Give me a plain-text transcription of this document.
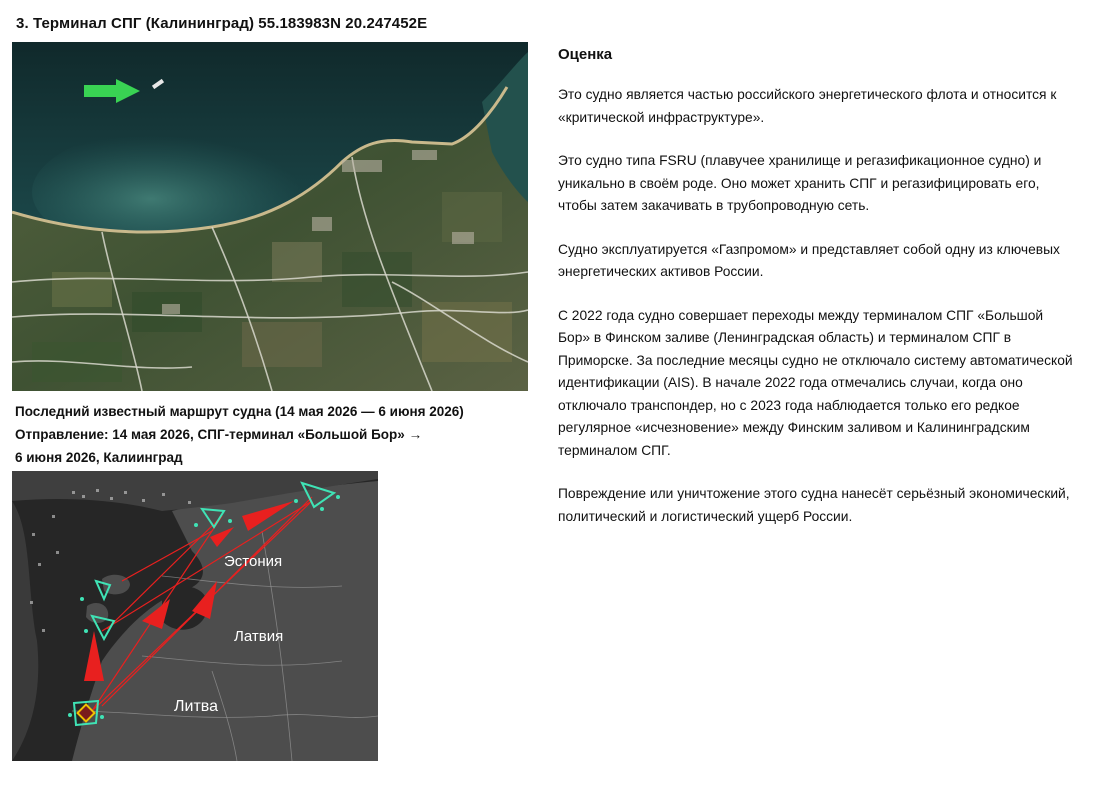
3. Терминал СПГ (Калининград) 55.183983N 20.247452E
Последний известный маршрут судна (14 мая 2026 — 6 июня 2026)
Отправление: 14 мая 2026, СПГ-терминал «Большой Бор» →
6 июня 2026, Калиинград
Эстония
Латвия
Литва
Оценка

Это судно является частью российского энергетического флота и относится к «критической инфраструктуре».

Это судно типа FSRU (плавучее хранилище и регазификационное судно) и уникально в своём роде. Оно может хранить СПГ и регазифицировать его, чтобы затем закачивать в трубопроводную сеть.

Судно эксплуатируется «Газпромом» и представляет собой одну из ключевых энергетических активов России.

С 2022 года судно совершает переходы между терминалом СПГ «Большой Бор» в Финском заливе (Ленинградская область) и терминалом СПГ в Приморске. За последние месяцы судно не отключало систему автоматической идентификации (AIS). В начале 2022 года отмечались случаи, когда оно отключало транспондер, но с 2023 года наблюдается только его редкое регулярное «исчезновение» между Финским заливом и Калининградским терминалом СПГ.

Повреждение или уничтожение этого судна нанесёт серьёзный экономический, политический и логистический ущерб России.
